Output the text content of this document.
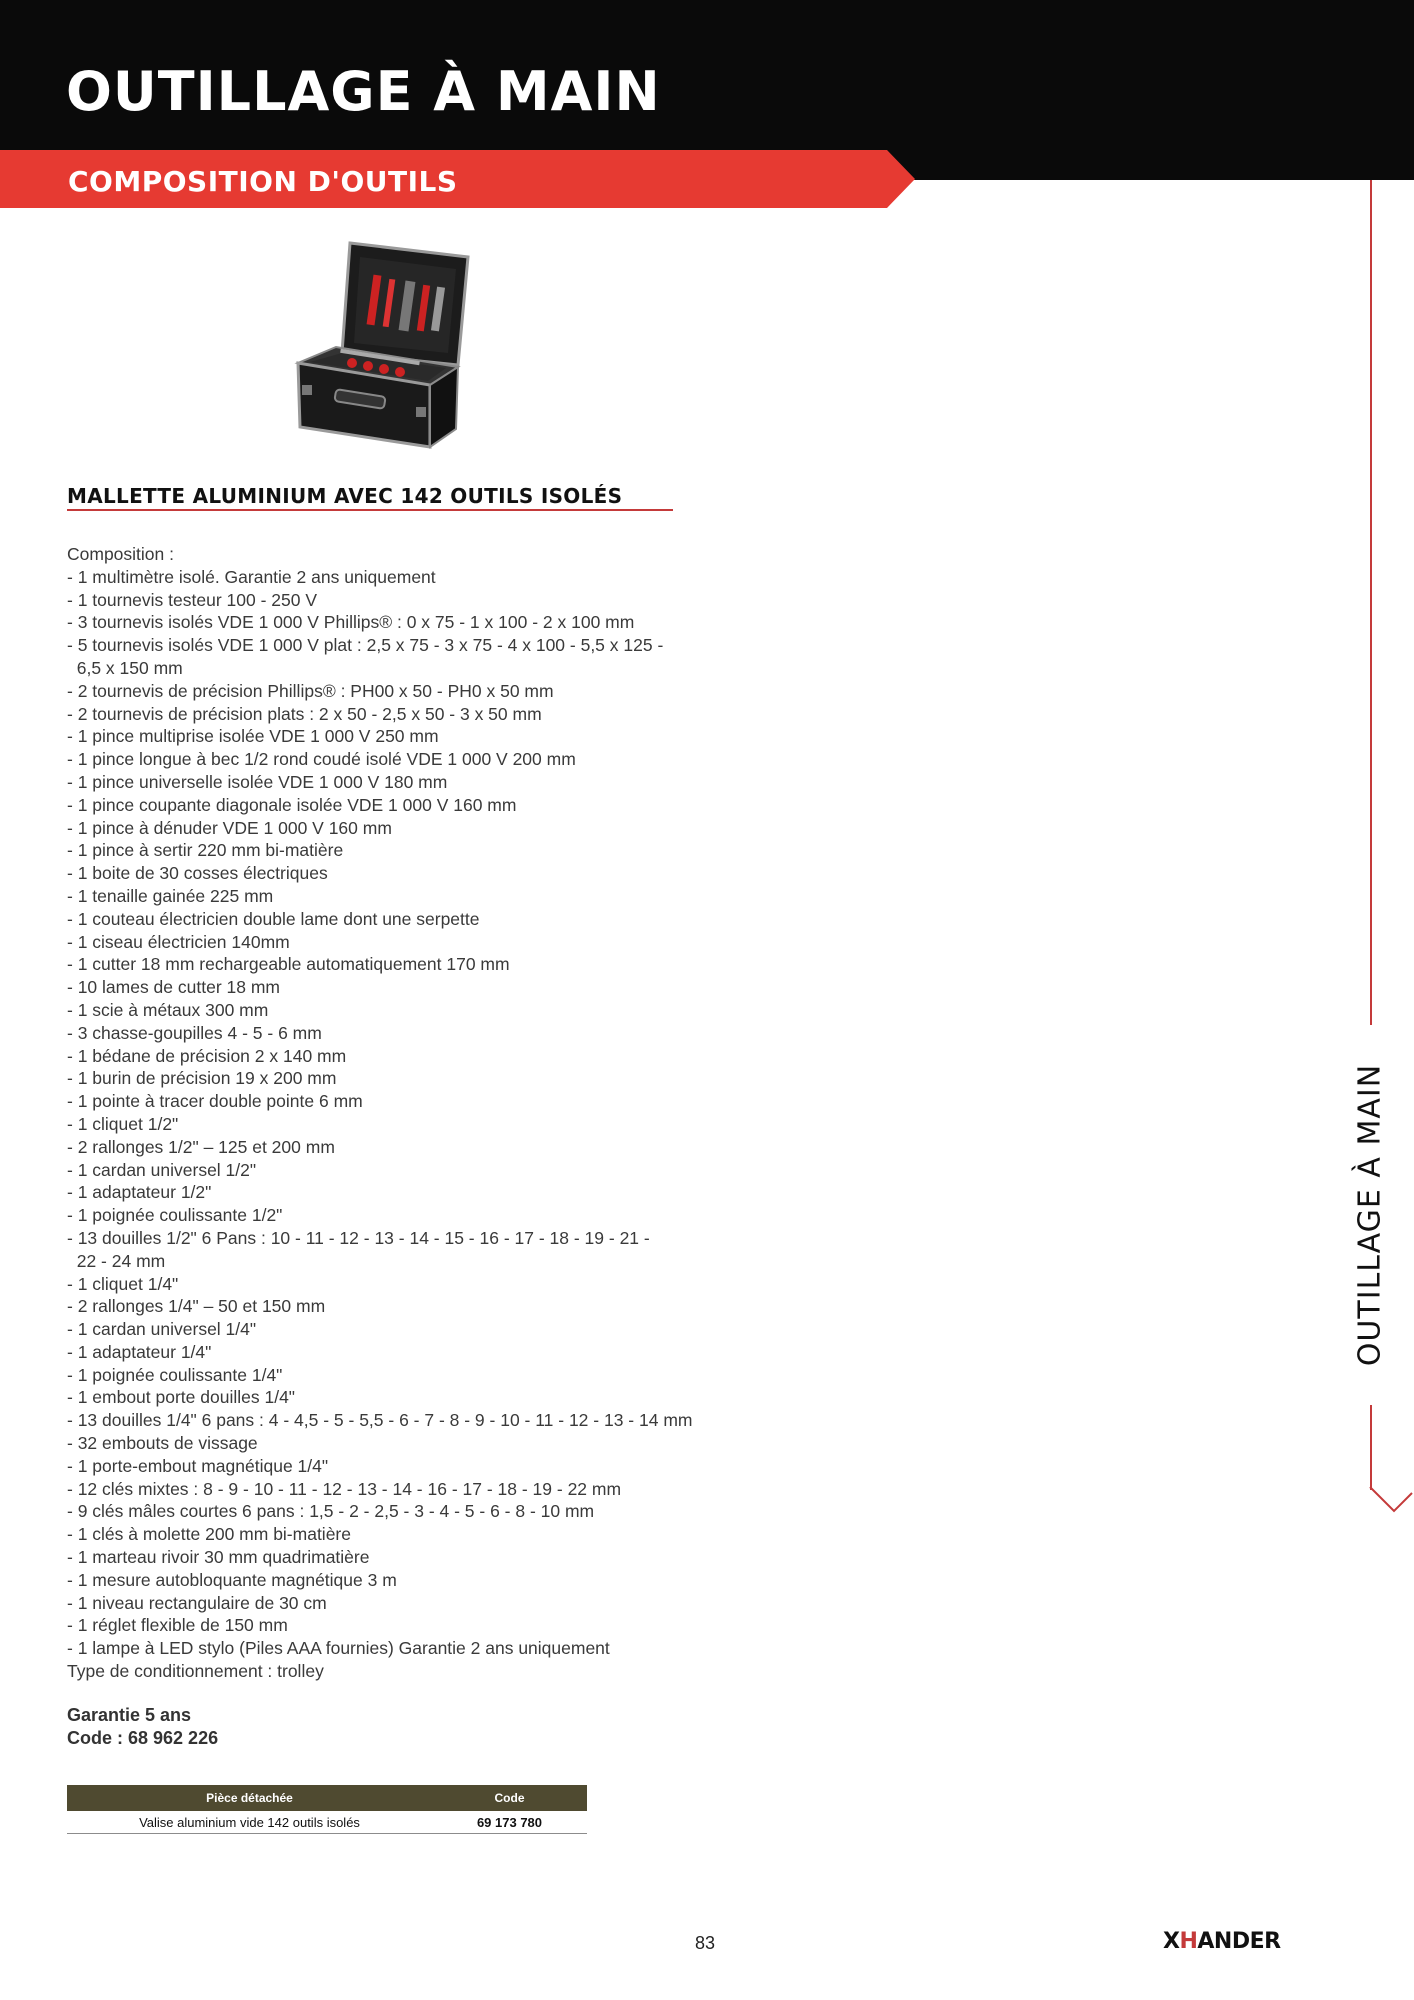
OUTILLAGE À MAIN
COMPOSITION D'OUTILS
OUTILLAGE À MAIN
MALLETTE ALUMINIUM AVEC 142 OUTILS ISOLÉS
Composition :
- 1 multimètre isolé. Garantie 2 ans uniquement
- 1 tournevis testeur 100 - 250 V
- 3 tournevis isolés VDE 1 000 V Phillips® : 0 x 75 - 1 x 100 - 2 x 100 mm
- 5 tournevis isolés VDE 1 000 V plat : 2,5 x 75 - 3 x 75 - 4 x 100 - 5,5 x 125 -
6,5 x 150 mm
- 2 tournevis de précision Phillips® : PH00 x 50 - PH0 x 50 mm
- 2 tournevis de précision plats : 2 x 50 - 2,5 x 50 - 3 x 50 mm
- 1 pince multiprise isolée VDE 1 000 V 250 mm
- 1 pince longue à bec 1/2 rond coudé isolé VDE 1 000 V 200 mm
- 1 pince universelle isolée VDE 1 000 V 180 mm
- 1 pince coupante diagonale isolée VDE 1 000 V 160 mm
- 1 pince à dénuder VDE 1 000 V 160 mm
- 1 pince à sertir 220 mm bi-matière
- 1 boite de 30 cosses électriques
- 1 tenaille gainée 225 mm
- 1 couteau électricien double lame dont une serpette
- 1 ciseau électricien 140mm
- 1 cutter 18 mm rechargeable automatiquement 170 mm
- 10 lames de cutter 18 mm
- 1 scie à métaux 300 mm
- 3 chasse-goupilles 4 - 5 - 6 mm
- 1 bédane de précision 2 x 140 mm
- 1 burin de précision 19 x 200 mm
- 1 pointe à tracer double pointe 6 mm
- 1 cliquet 1/2"
- 2 rallonges 1/2" – 125 et 200 mm
- 1 cardan universel 1/2"
- 1 adaptateur 1/2"
- 1 poignée coulissante 1/2"
- 13 douilles 1/2" 6 Pans : 10 - 11 - 12 - 13 - 14 - 15 - 16 - 17 - 18 - 19 - 21 -
22 - 24 mm
- 1 cliquet 1/4"
- 2 rallonges 1/4" – 50 et 150 mm
- 1 cardan universel 1/4"
- 1 adaptateur 1/4"
- 1 poignée coulissante 1/4"
- 1 embout porte douilles 1/4"
- 13 douilles 1/4" 6 pans : 4 - 4,5 - 5 - 5,5 - 6 - 7 - 8 - 9 - 10 - 11 - 12 - 13 - 14 mm
- 32 embouts de vissage
- 1 porte-embout magnétique 1/4"
- 12 clés mixtes : 8 - 9 - 10 - 11 - 12 - 13 - 14 - 16 - 17 - 18 - 19 - 22 mm
- 9 clés mâles courtes 6 pans : 1,5 - 2 - 2,5 - 3 - 4 - 5 - 6 - 8 - 10 mm
- 1 clés à molette 200 mm bi-matière
- 1 marteau rivoir 30 mm quadrimatière
- 1 mesure autobloquante magnétique 3 m
- 1 niveau rectangulaire de 30 cm
- 1 réglet flexible de 150 mm
- 1 lampe à LED stylo (Piles AAA fournies) Garantie 2 ans uniquement
Type de conditionnement : trolley
Garantie 5 ans
Code : 68 962 226
Pièce détachée	Code
Valise aluminium vide 142 outils isolés	69 173 780
83	XHANDER
